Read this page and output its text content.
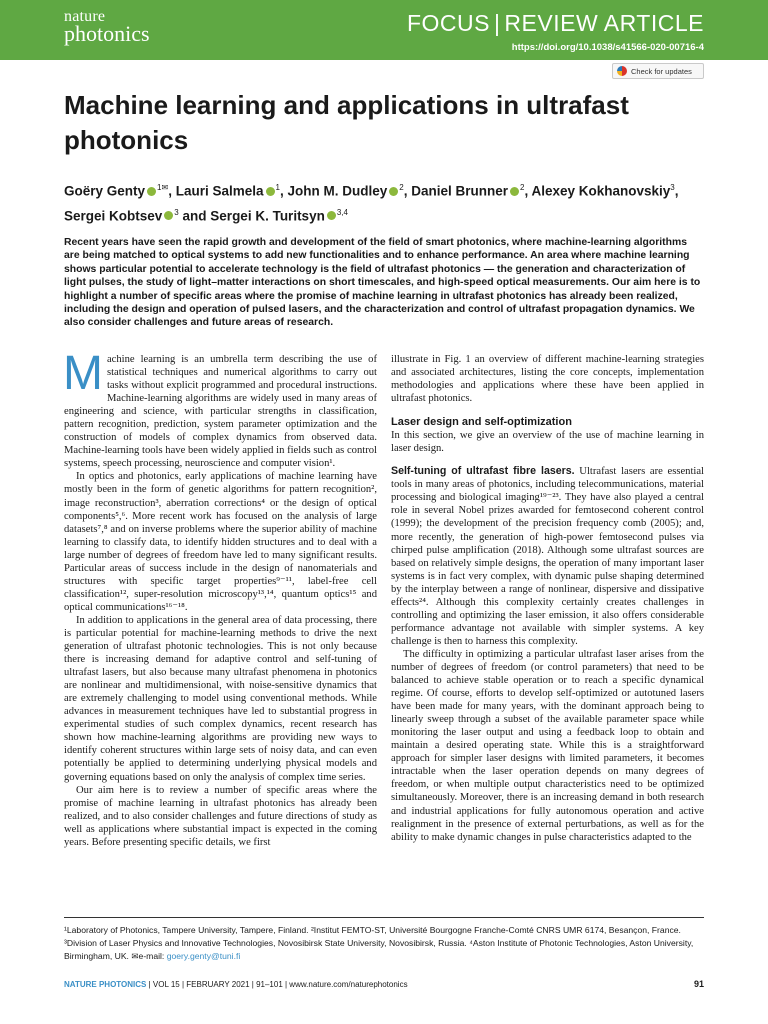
nature
photonics	FOCUS | REVIEW ARTICLE
https://doi.org/10.1038/s41566-020-00716-4
Check for updates
Machine learning and applications in ultrafast photonics
Goëry Genty $^{1✉}$, Lauri Salmela $^1$, John M. Dudley $^2$, Daniel Brunner $^2$, Alexey Kokhanovskiy$^3$,
Sergei Kobtsev $^3$ and Sergei K. Turitsyn $^{3,4}$

Recent years have seen the rapid growth and development of the field of smart photonics, where machine-learning algorithms are being matched to optical systems to add new functionalities and to enhance performance. An area where machine learning shows particular potential to accelerate technology is the field of ultrafast photonics — the generation and characterization of light pulses, the study of light–matter interactions on short timescales, and high-speed optical measurements. Our aim here is to highlight a number of specific areas where the promise of machine learning in ultrafast photonics has already been realized, including the design and operation of pulsed lasers, and the characterization and control of ultrafast propagation dynamics. We also consider challenges and future areas of research.

Machine learning is an umbrella term describing the use of statistical techniques and numerical algorithms to carry out tasks without explicit programmed and procedural instructions. Machine-learning algorithms are widely used in many areas of engineering and science, with particular strengths in classification, pattern recognition, prediction, system parameter optimization and the construction of models of complex dynamics from observed data. Machine-learning tools have been widely applied in fields such as control systems, speech processing, neuroscience and computer vision¹.

In optics and photonics, early applications of machine learning have mostly been in the form of genetic algorithms for pattern recognition², image reconstruction³, aberration corrections⁴ or the design of optical components⁵,⁶. More recent work has focused on the analysis of large datasets⁷,⁸ and on inverse problems where the superior ability of machine learning to classify data, to identify hidden structures and to deal with a large number of degrees of freedom have led to many significant results. Particular areas of success include in the design of nanomaterials and structures with specific target properties⁹⁻¹¹, label-free cell classification¹², super-resolution microscopy¹³,¹⁴, quantum optics¹⁵ and optical communications¹⁶⁻¹⁸.

In addition to applications in the general area of data processing, there is particular potential for machine-learning methods to drive the next generation of ultrafast photonic technologies. This is not only because there is increasing demand for adaptive control and self-tuning of ultrafast lasers, but also because many ultrafast phenomena in photonics are nonlinear and multidimensional, with noise-sensitive dynamics that are extremely challenging to model using conventional methods. While advances in measurement techniques have led to substantial progress in experimental studies of such complex dynamics, recent research has shown how machine-learning algorithms are providing new ways to identify coherent structures within large sets of noisy data, and can even potentially be applied to determining underlying physical models and governing equations based on only the analysis of complex time series.

Our aim here is to review a number of specific areas where the promise of machine learning in ultrafast photonics has already been realized, and to also consider challenges and future directions of study as well as applications where substantial impact is expected in the coming years. Before presenting specific details, we first

illustrate in Fig. 1 an overview of different machine-learning strategies and associated architectures, listing the core concepts, implementation methodologies and applications where these have been applied in ultrafast photonics.

Laser design and self-optimization

In this section, we give an overview of the use of machine learning in laser design.

Self-tuning of ultrafast fibre lasers. Ultrafast lasers are essential tools in many areas of photonics, including telecommunications, material processing and biological imaging¹⁹⁻²³. They have also played a central role in several Nobel prizes awarded for femtosecond coherent control (1999); the development of the precision frequency comb (2005); and, more recently, the generation of high-power femtosecond pulses via chirped pulse amplification (2018). Although some ultrafast sources are based on relatively simple designs, the operation of many important laser systems is in fact very complex, with dynamic pulse shaping determined by the interplay between a range of nonlinear, dispersive and dissipative effects²⁴. Although this complexity certainly creates challenges in controlling and optimizing the laser emission, it also offers considerable performance advantage not available with simpler systems. A key challenge is then to harness this complexity.

The difficulty in optimizing a particular ultrafast laser arises from the number of degrees of freedom (or control parameters) that need to be balanced to achieve stable operation or to reach a specific dynamical regime. Of course, efforts to develop self-optimized or autotuned lasers have been made for many years, with the dominant approach being to linearly sweep through a subset of the available parameter space while monitoring the laser output and using a feedback loop to obtain and maintain a desired operating state. While this is a straightforward approach for simpler laser designs with limited parameters, it becomes intractable when the laser operation depends on many degrees of freedom, or when multiple output characteristics need to be optimized simultaneously. Moreover, there is an increasing demand in both research and industrial applications for fully autonomous operation and active realignment in the presence of external perturbations, as well as for the ability to make dynamic changes in pulse characteristics adapted to the

¹Laboratory of Photonics, Tampere University, Tampere, Finland. ²Institut FEMTO-ST, Université Bourgogne Franche-Comté CNRS UMR 6174, Besançon, France. ³Division of Laser Physics and Innovative Technologies, Novosibirsk State University, Novosibirsk, Russia. ⁴Aston Institute of Photonic Technologies, Aston University, Birmingham, UK. ✉e-mail: goery.genty@tuni.fi
NATURE PHOTONICS | VOL 15 | FEBRUARY 2021 | 91–101 | www.nature.com/naturephotonics	91
